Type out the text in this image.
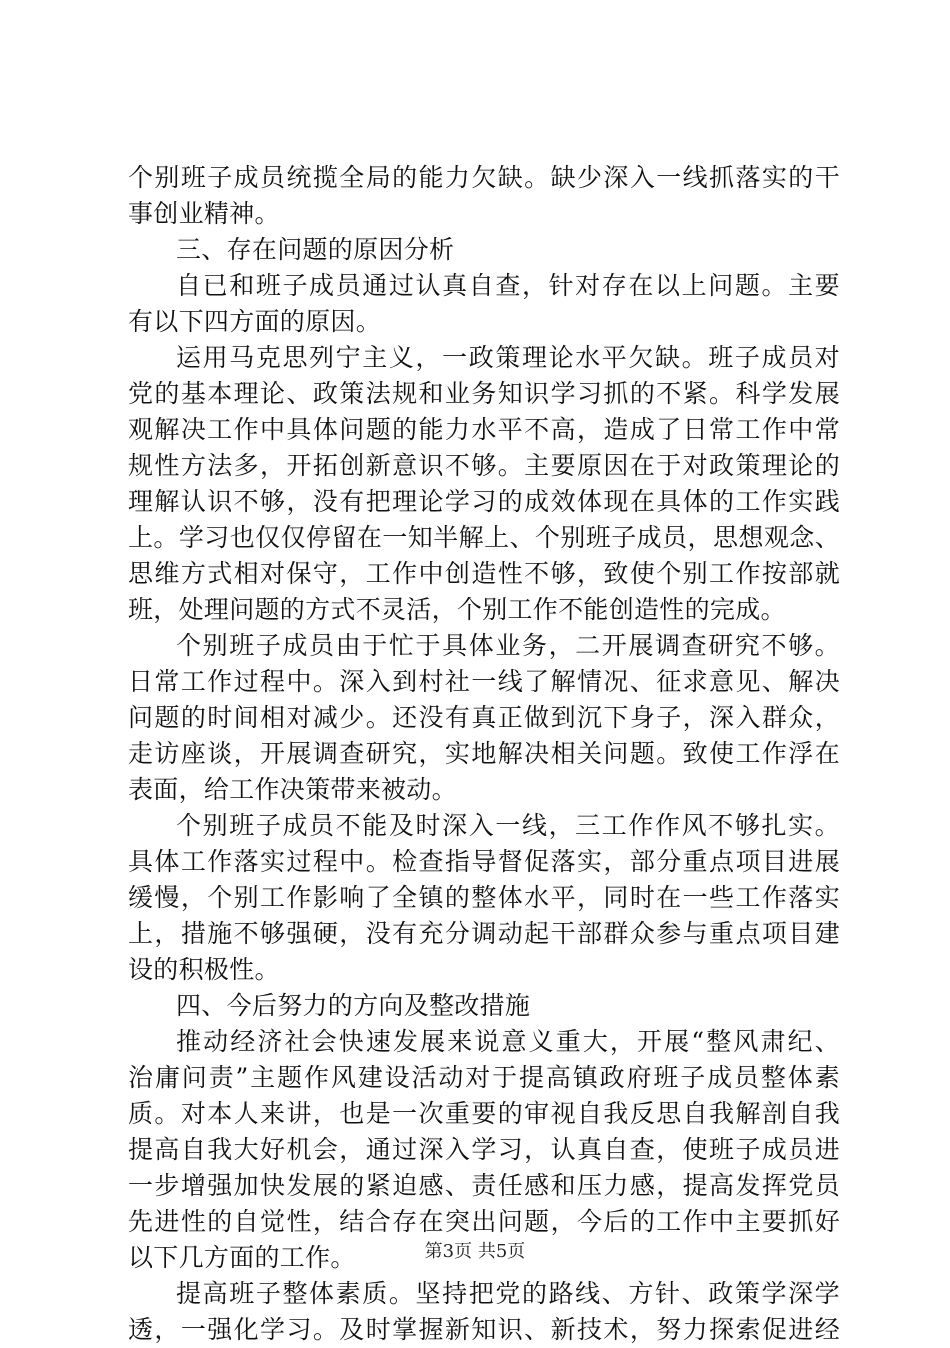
个别班子成员统揽全局的能力欠缺。缺少深入一线抓落实的干
事创业精神。
三、存在问题的原因分析
自已和班子成员通过认真自查，针对存在以上问题。主要
有以下四方面的原因。
运用马克思列宁主义，一政策理论水平欠缺。班子成员对
党的基本理论、政策法规和业务知识学习抓的不紧。科学发展
观解决工作中具体问题的能力水平不高，造成了日常工作中常
规性方法多，开拓创新意识不够。主要原因在于对政策理论的
理解认识不够，没有把理论学习的成效体现在具体的工作实践
上。学习也仅仅停留在一知半解上、个别班子成员，思想观念、
思维方式相对保守，工作中创造性不够，致使个别工作按部就
班，处理问题的方式不灵活，个别工作不能创造性的完成。
个别班子成员由于忙于具体业务，二开展调查研究不够。
日常工作过程中。深入到村社一线了解情况、征求意见、解决
问题的时间相对减少。还没有真正做到沉下身子，深入群众，
走访座谈，开展调查研究，实地解决相关问题。致使工作浮在
表面，给工作决策带来被动。
个别班子成员不能及时深入一线，三工作作风不够扎实。
具体工作落实过程中。检查指导督促落实，部分重点项目进展
缓慢，个别工作影响了全镇的整体水平，同时在一些工作落实
上，措施不够强硬，没有充分调动起干部群众参与重点项目建
设的积极性。
四、今后努力的方向及整改措施
推动经济社会快速发展来说意义重大，开展“整风肃纪、
治庸问责”主题作风建设活动对于提高镇政府班子成员整体素
质。对本人来讲，也是一次重要的审视自我反思自我解剖自我
提高自我大好机会，通过深入学习，认真自查，使班子成员进
一步增强加快发展的紧迫感、责任感和压力感，提高发挥党员
先进性的自觉性，结合存在突出问题，今后的工作中主要抓好
以下几方面的工作。
提高班子整体素质。坚持把党的路线、方针、政策学深学
透，一强化学习。及时掌握新知识、新技术，努力探索促进经
第3页 共5页
